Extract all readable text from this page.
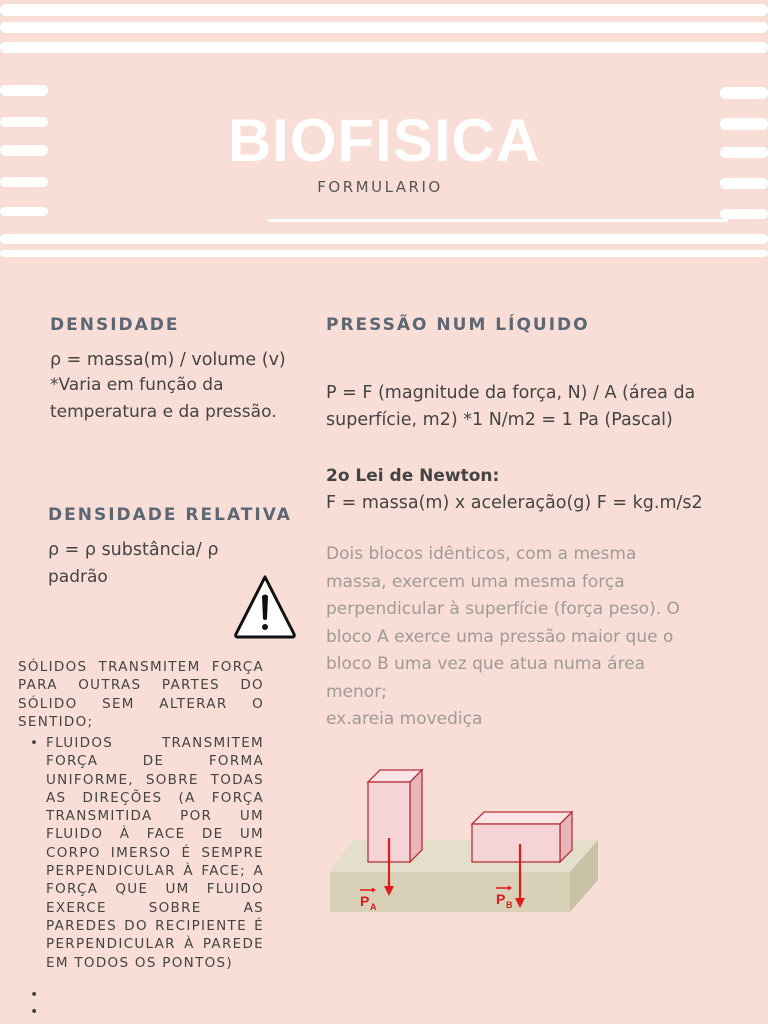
BIOFISICA
FORMULARIO
DENSIDADE
ρ = massa(m) / volume (v)
*Varia em função da
temperatura e da pressão.
DENSIDADE RELATIVA
ρ = ρ substância/ ρ
padrão
SÓLIDOS TRANSMITEM FORÇA PARA OUTRAS PARTES DO SÓLIDO SEM ALTERAR O SENTIDO;
• FLUIDOS TRANSMITEM FORÇA DE FORMA UNIFORME, SOBRE TODAS AS DIREÇÕES (A FORÇA TRANSMITIDA POR UM FLUIDO À FACE DE UM CORPO IMERSO É SEMPRE PERPENDICULAR À FACE; A FORÇA QUE UM FLUIDO EXERCE SOBRE AS PAREDES DO RECIPIENTE É PERPENDICULAR À PAREDE EM TODOS OS PONTOS)
•
•
PRESSÃO NUM LÍQUIDO
P = F (magnitude da força, N) / A (área da
superfície, m2) *1 N/m2 = 1 Pa (Pascal)
2o Lei de Newton:
F = massa(m) x aceleração(g) F = kg.m/s2
Dois blocos idênticos, com a mesma
massa, exercem uma mesma força
perpendicular à superfície (força peso). O
bloco A exerce uma pressão maior que o
bloco B uma vez que atua numa área
menor;
ex.areia movediça
P A	P B
